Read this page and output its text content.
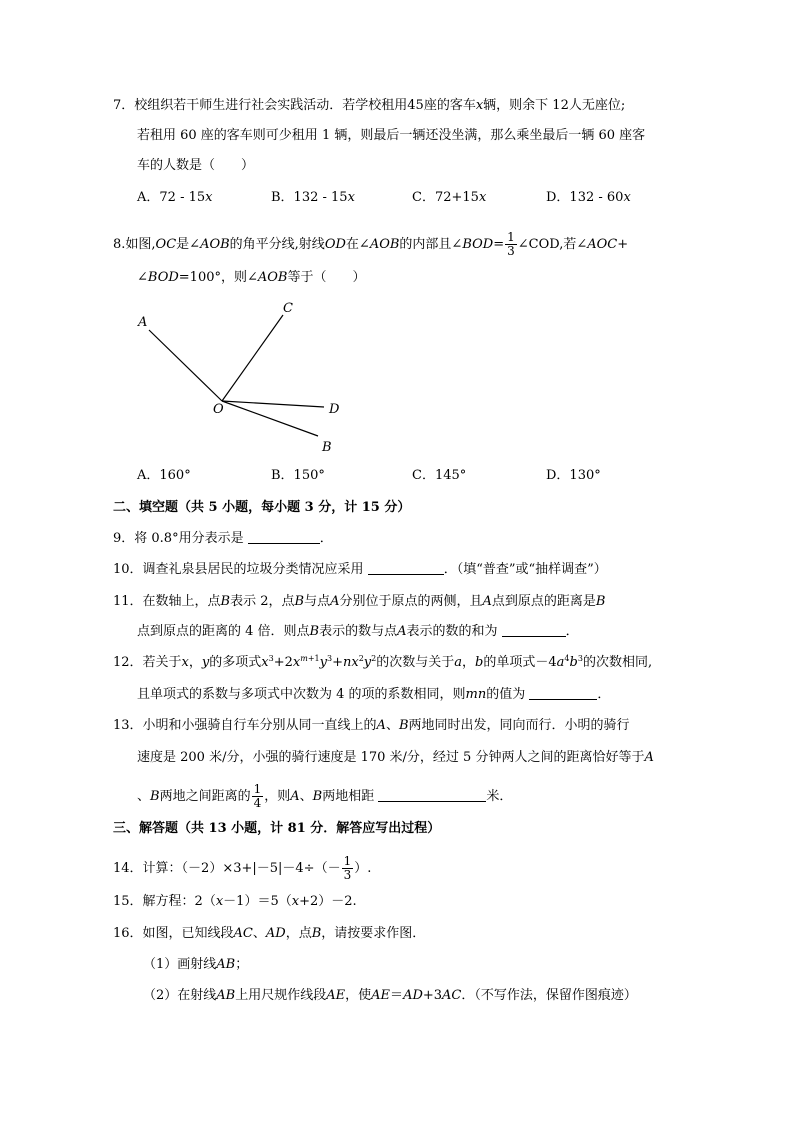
7．校组织若干师生进行社会实践活动．若学校租用45座的客车x辆，则余下 12人无座位;
若租用 60 座的客车则可少租用 1 辆，则最后一辆还没坐满，那么乘坐最后一辆 60 座客
车的人数是（　　）
A．72 - 15x	B．132 - 15x	C．72+15x	D．132 - 60x
8.如图,OC是∠AOB的角平分线,射线OD在∠AOB的内部且∠BOD= $\frac{1}{3}$ ∠COD,若∠AOC+
∠BOD=100°，则∠AOB等于（　　）
A
C
O	D
B
A．160°	B．150°	C．145°	D．130°
二、填空题（共 5 小题，每小题 3 分，计 15 分）
9．将 0.8°用分表示是	．
10．调查礼泉县居民的垃圾分类情况应采用	．（填“普查”或“抽样调查”）
11．在数轴上，点B表示 2，点B与点A分别位于原点的两侧，且A点到原点的距离是B
点到原点的距离的 4 倍．则点B表示的数与点A表示的数的和为	．
12．若关于x，y的多项式$x^3+2x^{m+1}y^3+nx^2y^2$的次数与关于a，b的单项式$-4a^4b^3$的次数相同,
且单项式的系数与多项式中次数为 4 的项的系数相同，则mn的值为	．
13．小明和小强骑自行车分别从同一直线上的A、B两地同时出发，同向而行．小明的骑行
速度是 200 米/分，小强的骑行速度是 170 米/分，经过 5 分钟两人之间的距离恰好等于A
、B两地之间距离的 $\frac{1}{4}$ ，则A、B两地相距	米．
三、解答题（共 13 小题，计 81 分．解答应写出过程）
14．计算：$(-2)\times 3+|-5|-4\div(- \frac{1}{3}$ ）.
15．解方程：2（x－1）＝5（x+2）－2.
16．如图，已知线段AC、AD，点B，请按要求作图．
（1）画射线AB；
（2）在射线AB上用尺规作线段AE，使AE＝AD+3AC．（不写作法，保留作图痕迹）
